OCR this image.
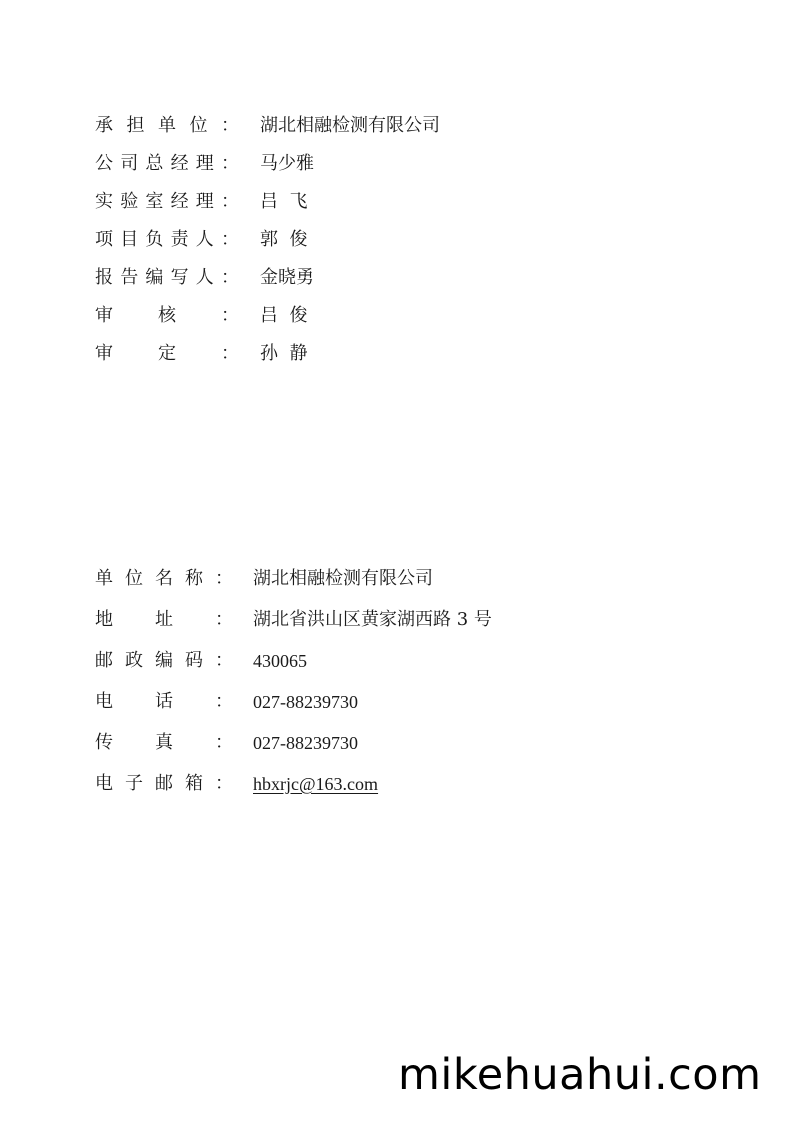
承 担 单 位 ： 湖北相融检测有限公司
公 司 总 经 理 ： 马少雅
实 验 室 经 理 ： 吕  飞
项 目 负 责 人 ： 郭  俊
报 告 编 写 人 ： 金晓勇
审	核	： 吕  俊
审	定	： 孙  静
单 位 名 称 ： 湖北相融检测有限公司
地 址 ： 湖北省洪山区黄家湖西路 3 号
邮 政 编 码 ： 430065
电 话 ： 027-88239730
传 真 ： 027-88239730
电 子 邮 箱 ： hbxrjc@163.com
mikehuahui.com
